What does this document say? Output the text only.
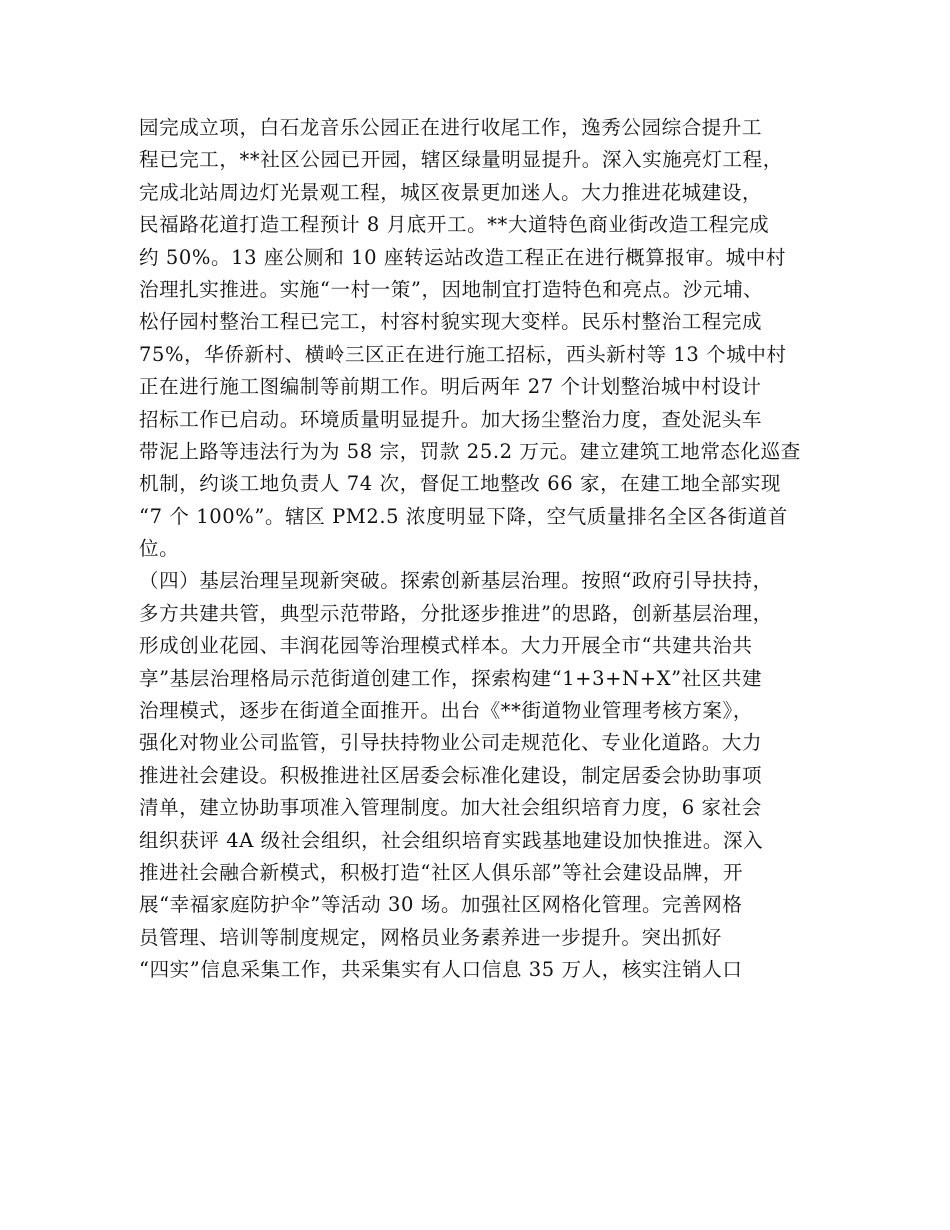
园完成立项，白石龙音乐公园正在进行收尾工作，逸秀公园综合提升工
程已完工，**社区公园已开园，辖区绿量明显提升。深入实施亮灯工程，
完成北站周边灯光景观工程，城区夜景更加迷人。大力推进花城建设，
民福路花道打造工程预计 8 月底开工。**大道特色商业街改造工程完成
约 50%。13 座公厕和 10 座转运站改造工程正在进行概算报审。城中村
治理扎实推进。实施“一村一策”，因地制宜打造特色和亮点。沙元埔、
松仔园村整治工程已完工，村容村貌实现大变样。民乐村整治工程完成
75%，华侨新村、横岭三区正在进行施工招标，西头新村等 13 个城中村
正在进行施工图编制等前期工作。明后两年 27 个计划整治城中村设计
招标工作已启动。环境质量明显提升。加大扬尘整治力度，查处泥头车
带泥上路等违法行为为 58 宗，罚款 25.2 万元。建立建筑工地常态化巡查
机制，约谈工地负责人 74 次，督促工地整改 66 家，在建工地全部实现
“7 个 100%”。辖区 PM2.5 浓度明显下降，空气质量排名全区各街道首
位。
（四）基层治理呈现新突破。探索创新基层治理。按照“政府引导扶持，
多方共建共管，典型示范带路，分批逐步推进”的思路，创新基层治理，
形成创业花园、丰润花园等治理模式样本。大力开展全市“共建共治共
享”基层治理格局示范街道创建工作，探索构建“1+3+N+X”社区共建
治理模式，逐步在街道全面推开。出台《**街道物业管理考核方案》，
强化对物业公司监管，引导扶持物业公司走规范化、专业化道路。大力
推进社会建设。积极推进社区居委会标准化建设，制定居委会协助事项
清单，建立协助事项准入管理制度。加大社会组织培育力度，6 家社会
组织获评 4A 级社会组织，社会组织培育实践基地建设加快推进。深入
推进社会融合新模式，积极打造“社区人俱乐部”等社会建设品牌，开
展“幸福家庭防护伞”等活动 30 场。加强社区网格化管理。完善网格
员管理、培训等制度规定，网格员业务素养进一步提升。突出抓好
“四实”信息采集工作，共采集实有人口信息 35 万人，核实注销人口
